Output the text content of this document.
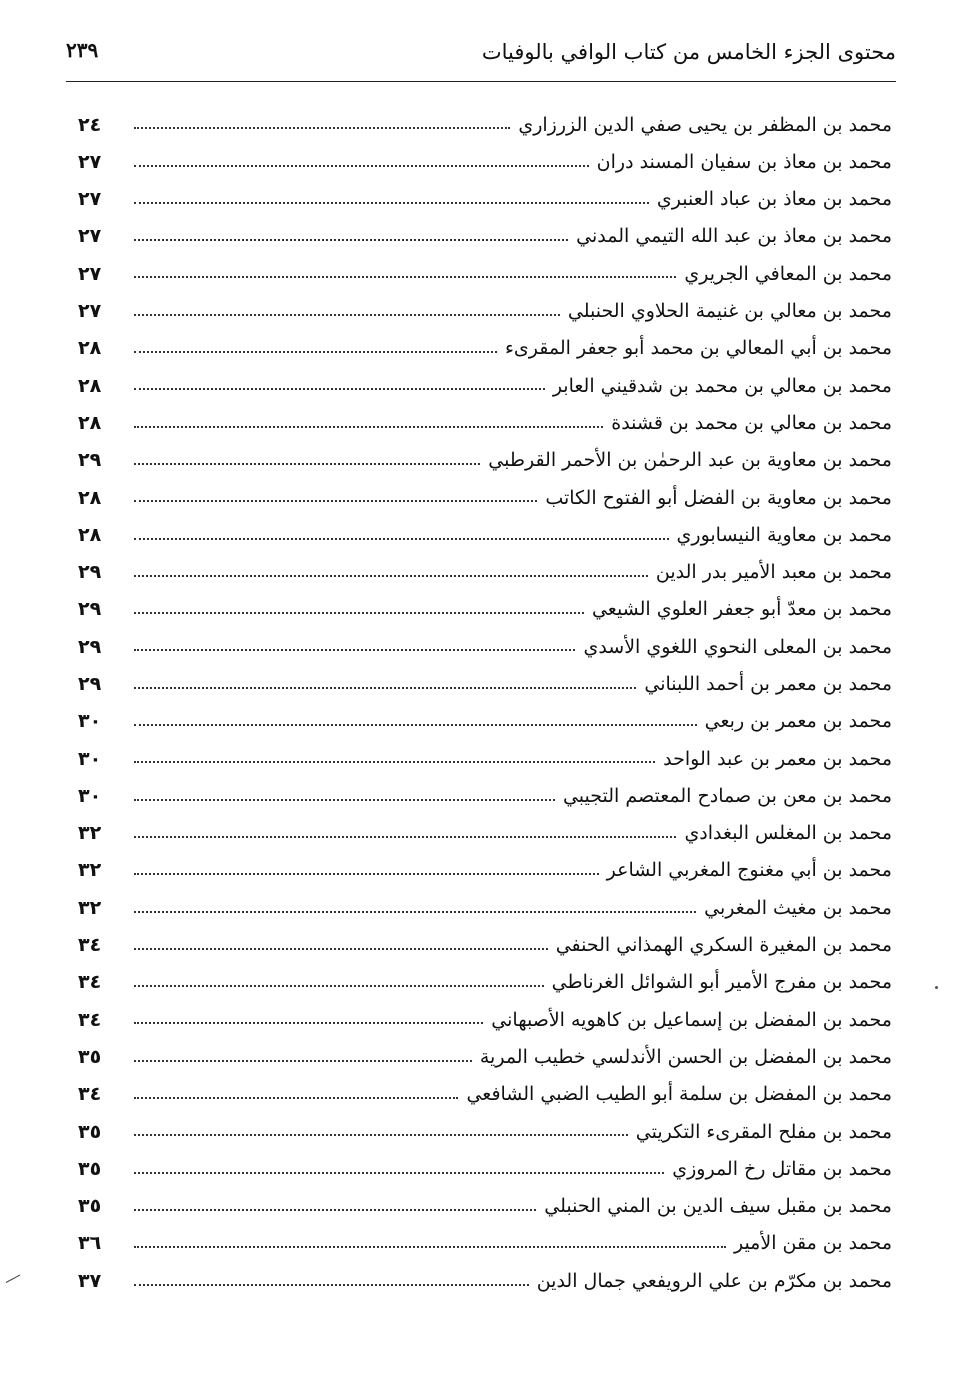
محتوى الجزء الخامس من كتاب الوافي بالوفيات
٢٣٩
محمد بن المظفر بن يحيى صفي الدين الزرزاري
٢٤
محمد بن معاذ بن سفيان المسند دران
٢٧
محمد بن معاذ بن عباد العنبري
٢٧
محمد بن معاذ بن عبد الله التيمي المدني
٢٧
محمد بن المعافي الجريري
٢٧
محمد بن معالي بن غنيمة الحلاوي الحنبلي
٢٧
محمد بن أبي المعالي بن محمد أبو جعفر المقرىء
٢٨
محمد بن معالي بن محمد بن شدقيني العابر
٢٨
محمد بن معالي بن محمد بن قشندة
٢٨
محمد بن معاوية بن عبد الرحمٰن بن الأحمر القرطبي
٢٩
محمد بن معاوية بن الفضل أبو الفتوح الكاتب
٢٨
محمد بن معاوية النيسابوري
٢٨
محمد بن معبد الأمير بدر الدين
٢٩
محمد بن معدّ أبو جعفر العلوي الشيعي
٢٩
محمد بن المعلى النحوي اللغوي الأسدي
٢٩
محمد بن معمر بن أحمد اللبناني
٢٩
محمد بن معمر بن ربعي
٣٠
محمد بن معمر بن عبد الواحد
٣٠
محمد بن معن بن صمادح المعتصم التجيبي
٣٠
محمد بن المغلس البغدادي
٣٢
محمد بن أبي مغنوج المغربي الشاعر
٣٢
محمد بن مغيث المغربي
٣٢
محمد بن المغيرة السكري الهمذاني الحنفي
٣٤
محمد بن مفرج الأمير أبو الشوائل الغرناطي
٣٤
محمد بن المفضل بن إسماعيل بن كاهويه الأصبهاني
٣٤
محمد بن المفضل بن الحسن الأندلسي خطيب المرية
٣٥
محمد بن المفضل بن سلمة أبو الطيب الضبي الشافعي
٣٤
محمد بن مفلح المقرىء التكريتي
٣٥
محمد بن مقاتل رخ المروزي
٣٥
محمد بن مقبل سيف الدين بن المني الحنبلي
٣٥
محمد بن مقن الأمير
٣٦
محمد بن مكرّم بن علي الرويفعي جمال الدين
٣٧
